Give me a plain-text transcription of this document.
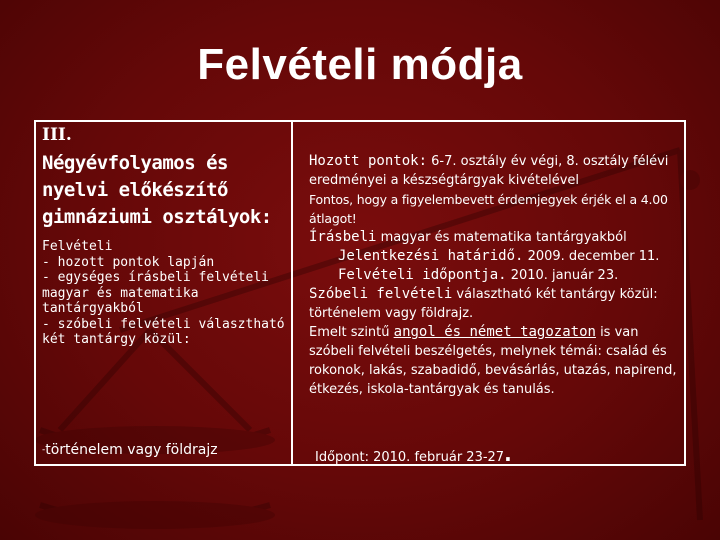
Felvételi módja
III.
Négyévfolyamos és nyelvi előkészítő gimnáziumi osztályok:
Felvételi
- hozott pontok lapján
- egységes írásbeli felvételi magyar és matematika tantárgyakból
- szóbeli felvételi választható két tantárgy közül:
-történelem vagy földrajz

Hozott pontok: 6-7. osztály év végi, 8. osztály félévi eredményei a készségtárgyak kivételével

Fontos, hogy a figyelembevett érdemjegyek érjék el a 4.00 átlagot!

Írásbeli magyar és matematika tantárgyakból

Jelentkezési határidő. 2009. december 11.

Felvételi időpontja. 2010. január 23.

Szóbeli felvételi választható két tantárgy közül: történelem vagy földrajz.

Emelt szintű angol és német tagozaton is van szóbeli felvételi beszélgetés, melynek témái: család és rokonok, lakás, szabadidő, bevásárlás, utazás, napirend, étkezés, iskola-tantárgyak és tanulás.

Időpont: 2010. február 23-27.
